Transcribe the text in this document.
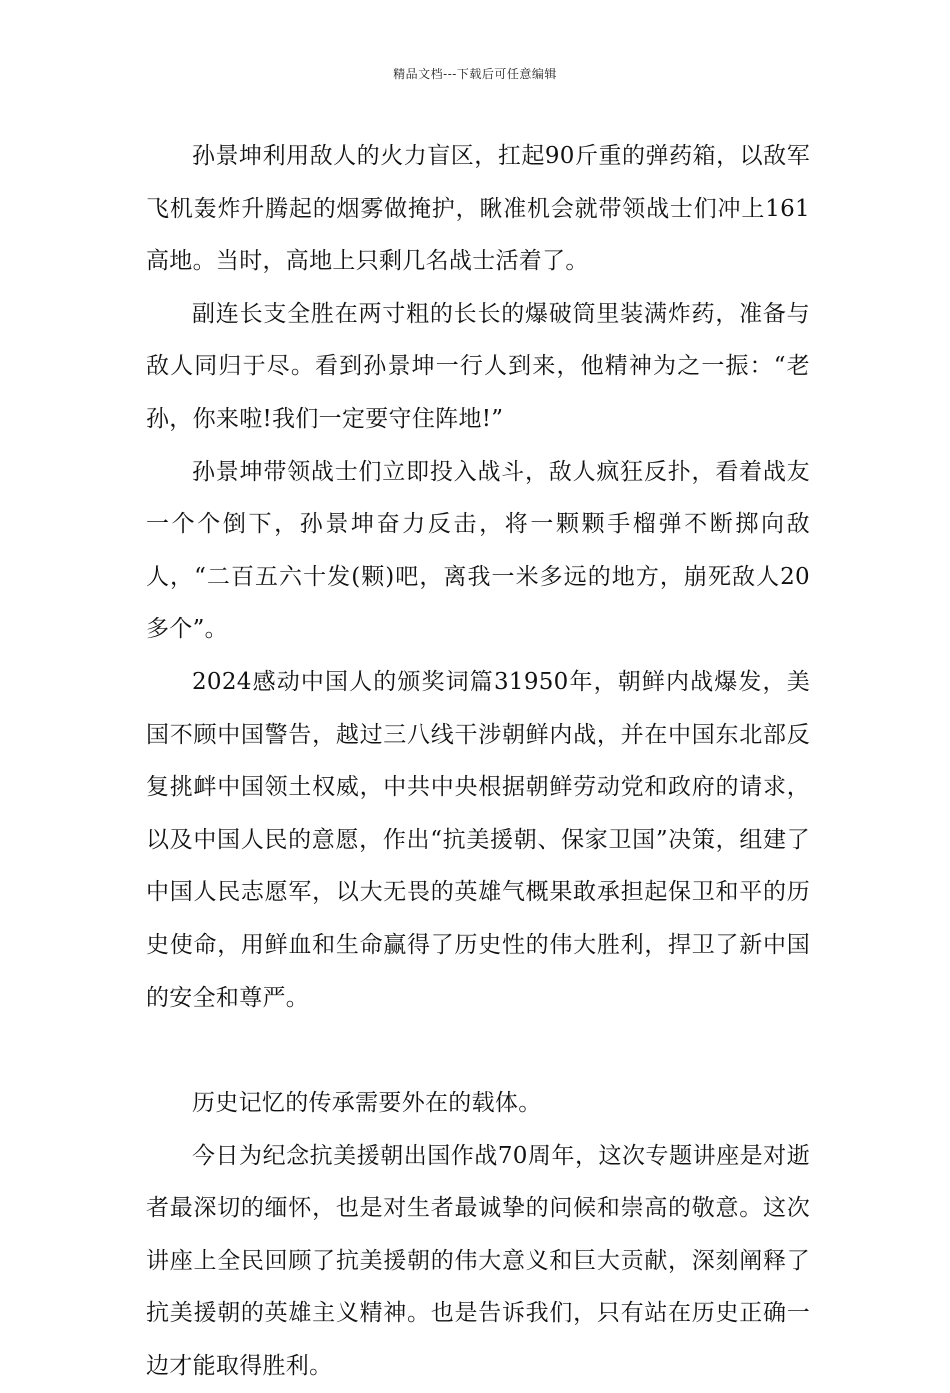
精品文档---下载后可任意编辑

孙景坤利用敌人的火力盲区，扛起90斤重的弹药箱，以敌军飞机轰炸升腾起的烟雾做掩护，瞅准机会就带领战士们冲上161高地。当时，高地上只剩几名战士活着了。

副连长支全胜在两寸粗的长长的爆破筒里装满炸药，准备与敌人同归于尽。看到孙景坤一行人到来，他精神为之一振：“老孙，你来啦!我们一定要守住阵地!”

孙景坤带领战士们立即投入战斗，敌人疯狂反扑，看着战友一个个倒下，孙景坤奋力反击，将一颗颗手榴弹不断掷向敌人，“二百五六十发(颗)吧，离我一米多远的地方，崩死敌人20多个”。

2024感动中国人的颁奖词篇31950年，朝鲜内战爆发，美国不顾中国警告，越过三八线干涉朝鲜内战，并在中国东北部反复挑衅中国领土权威，中共中央根据朝鲜劳动党和政府的请求，以及中国人民的意愿，作出“抗美援朝、保家卫国”决策，组建了中国人民志愿军，以大无畏的英雄气概果敢承担起保卫和平的历史使命，用鲜血和生命赢得了历史性的伟大胜利，捍卫了新中国的安全和尊严。

历史记忆的传承需要外在的载体。

今日为纪念抗美援朝出国作战70周年，这次专题讲座是对逝者最深切的缅怀，也是对生者最诚挚的问候和崇高的敬意。这次讲座上全民回顾了抗美援朝的伟大意义和巨大贡献，深刻阐释了抗美援朝的英雄主义精神。也是告诉我们，只有站在历史正确一边才能取得胜利。
